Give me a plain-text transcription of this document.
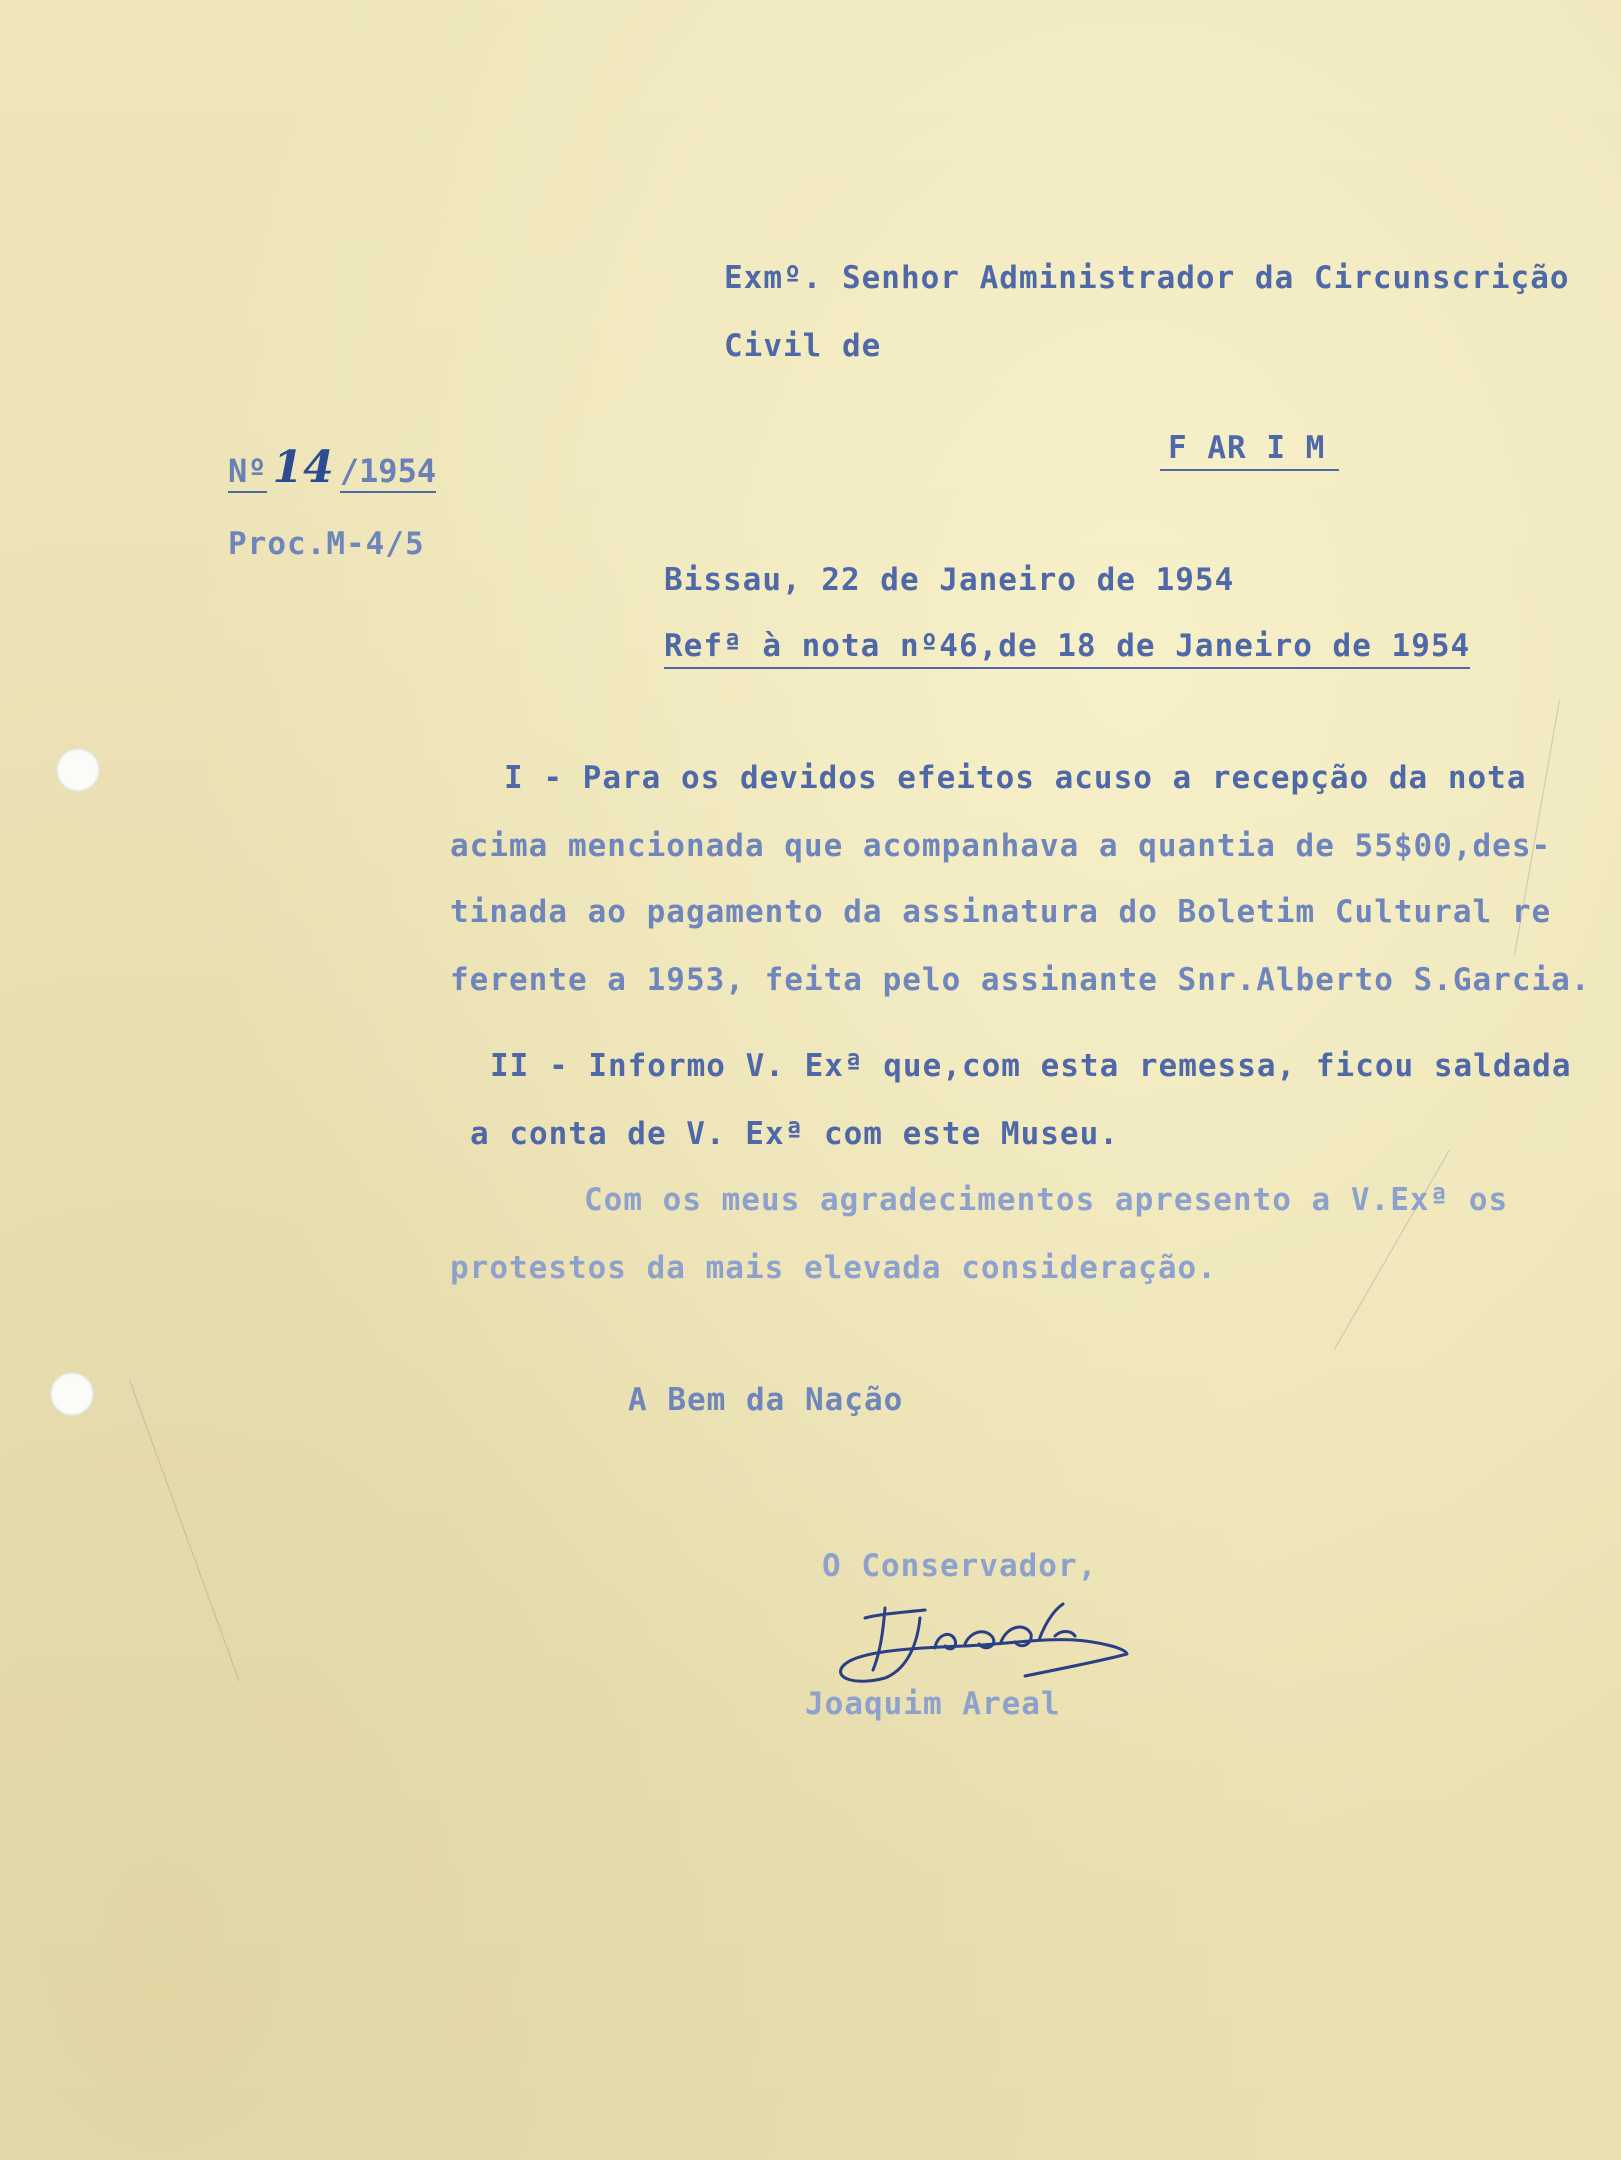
Exmº. Senhor Administrador da Circunscrição
Civil de
F AR I M
Nº 14 /1954
Proc.M-4/5
Bissau, 22 de Janeiro de 1954
Refª à nota nº46,de 18 de Janeiro de 1954
I - Para os devidos efeitos acuso a recepção da nota
acima mencionada que acompanhava a quantia de 55$00,des-
tinada ao pagamento da assinatura do Boletim Cultural re
ferente a 1953, feita pelo assinante Snr.Alberto S.Garcia.
II - Informo V. Exª que,com esta remessa, ficou saldada
a conta de V. Exª com este Museu.
Com os meus agradecimentos apresento a V.Exª os
protestos da mais elevada consideração.
A Bem da Nação
O Conservador,
Joaquim Areal
